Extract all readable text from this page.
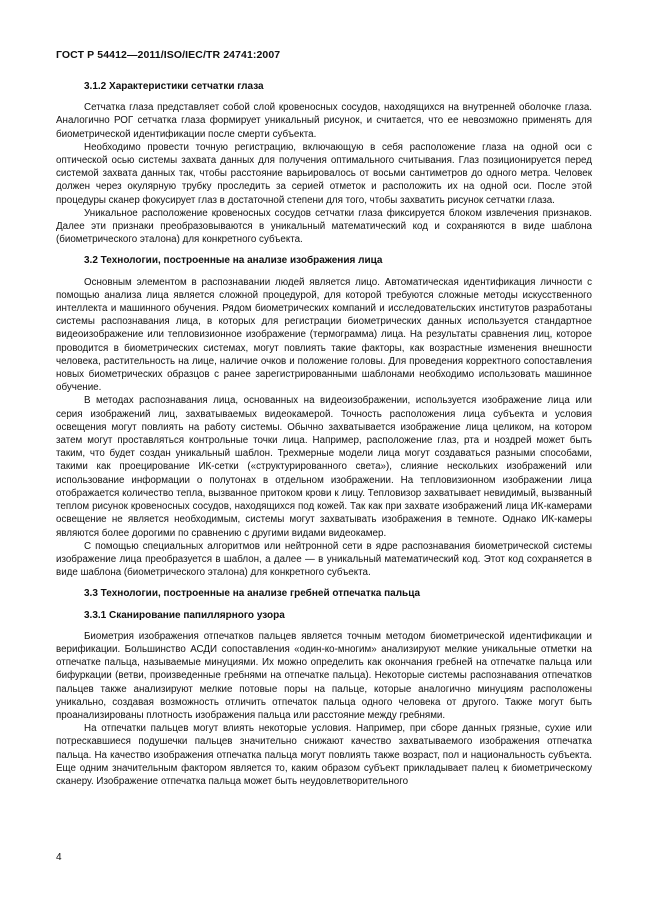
ГОСТ Р 54412—2011/ISO/IEC/TR 24741:2007
3.1.2 Характеристики сетчатки глаза

Сетчатка глаза представляет собой слой кровеносных сосудов, находящихся на внутренней оболочке глаза. Аналогично РОГ сетчатка глаза формирует уникальный рисунок, и считается, что ее невозможно применять для биометрической идентификации после смерти субъекта.

Необходимо провести точную регистрацию, включающую в себя расположение глаза на одной оси с оптической осью системы захвата данных для получения оптимального считывания. Глаз позиционируется перед системой захвата данных так, чтобы расстояние варьировалось от восьми сантиметров до одного метра. Человек должен через окулярную трубку проследить за серией отметок и расположить их на одной оси. После этой процедуры сканер фокусирует глаз в достаточной степени для того, чтобы захватить рисунок сетчатки глаза.

Уникальное расположение кровеносных сосудов сетчатки глаза фиксируется блоком извлечения признаков. Далее эти признаки преобразовываются в уникальный математический код и сохраняются в виде шаблона (биометрического эталона) для конкретного субъекта.

3.2 Технологии, построенные на анализе изображения лица

Основным элементом в распознавании людей является лицо. Автоматическая идентификация личности с помощью анализа лица является сложной процедурой, для которой требуются сложные методы искусственного интеллекта и машинного обучения. Рядом биометрических компаний и исследовательских институтов разработаны системы распознавания лица, в которых для регистрации биометрических данных используется стандартное видеоизображение или тепловизионное изображение (термограмма) лица. На результаты сравнения лиц, которое проводится в биометрических системах, могут повлиять такие факторы, как возрастные изменения внешности человека, растительность на лице, наличие очков и положение головы. Для проведения корректного сопоставления новых биометрических образцов с ранее зарегистрированными шаблонами необходимо использовать машинное обучение.

В методах распознавания лица, основанных на видеоизображении, используется изображение лица или серия изображений лиц, захватываемых видеокамерой. Точность расположения лица субъекта и условия освещения могут повлиять на работу системы. Обычно захватывается изображение лица целиком, на котором затем могут проставляться контрольные точки лица. Например, расположение глаз, рта и ноздрей может быть таким, что будет создан уникальный шаблон. Трехмерные модели лица могут создаваться разными способами, такими как проецирование ИК-сетки («структурированного света»), слияние нескольких изображений или использование информации о полутонах в отдельном изображении. На тепловизионном изображении лица отображается количество тепла, вызванное притоком крови к лицу. Тепловизор захватывает невидимый, вызванный теплом рисунок кровеносных сосудов, находящихся под кожей. Так как при захвате изображений лица ИК-камерами освещение не является необходимым, системы могут захватывать изображения в темноте. Однако ИК-камеры являются более дорогими по сравнению с другими видами видеокамер.

С помощью специальных алгоритмов или нейтронной сети в ядре распознавания биометрической системы изображение лица преобразуется в шаблон, а далее — в уникальный математический код. Этот код сохраняется в виде шаблона (биометрического эталона) для конкретного субъекта.

3.3 Технологии, построенные на анализе гребней отпечатка пальца
3.3.1 Сканирование папиллярного узора

Биометрия изображения отпечатков пальцев является точным методом биометрической идентификации и верификации. Большинство АСДИ сопоставления «один-ко-многим» анализируют мелкие уникальные отметки на отпечатке пальца, называемые минуциями. Их можно определить как окончания гребней на отпечатке пальца или бифуркации (ветви, произведенные гребнями на отпечатке пальца). Некоторые системы распознавания отпечатков пальцев также анализируют мелкие потовые поры на пальце, которые аналогично минуциям расположены уникально, создавая возможность отличить отпечаток пальца одного человека от другого. Также могут быть проанализированы плотность изображения пальца или расстояние между гребнями.

На отпечатки пальцев могут влиять некоторые условия. Например, при сборе данных грязные, сухие или потрескавшиеся подушечки пальцев значительно снижают качество захватываемого изображения отпечатка пальца. На качество изображения отпечатка пальца могут повлиять также возраст, пол и национальность субъекта. Еще одним значительным фактором является то, каким образом субъект прикладывает палец к биометрическому сканеру. Изображение отпечатка пальца может быть неудовлетворительного

4
